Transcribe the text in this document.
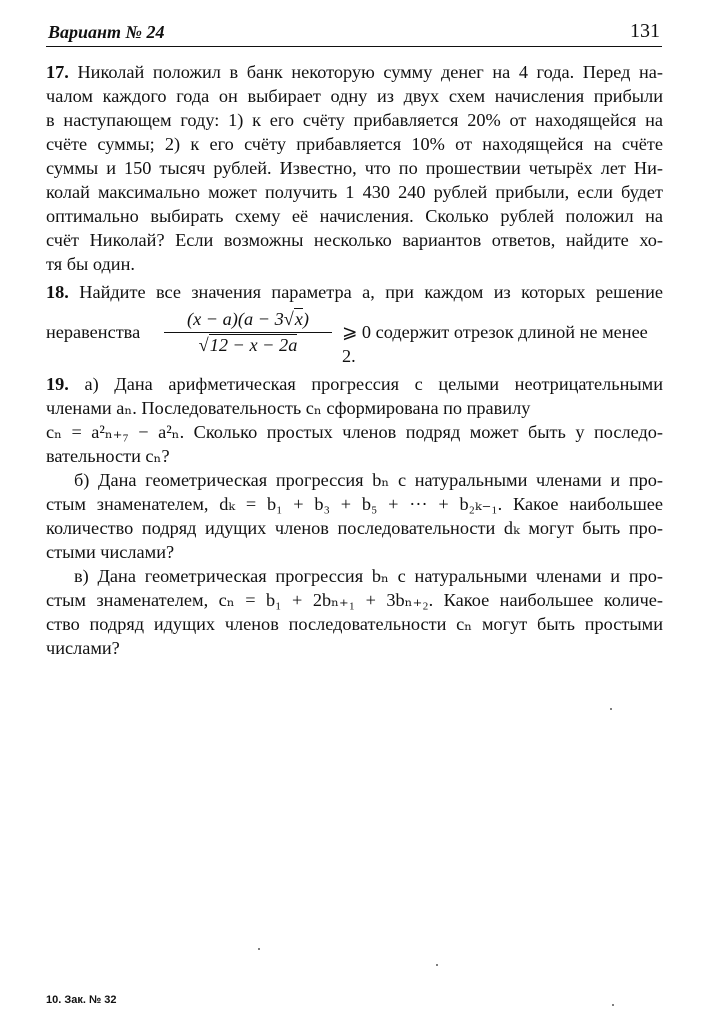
Вариант № 24	131
17. Николай положил в банк некоторую сумму денег на 4 года. Перед на-
чалом каждого года он выбирает одну из двух схем начисления прибыли
в наступающем году: 1) к его счёту прибавляется 20% от находящейся на
счёте суммы; 2) к его счёту прибавляется 10% от находящейся на счёте
суммы и 150 тысяч рублей. Известно, что по прошествии четырёх лет Ни-
колай максимально может получить 1 430 240 рублей прибыли, если будет
оптимально выбирать схему её начисления. Сколько рублей положил на
счёт Николай? Если возможны несколько вариантов ответов, найдите хо-
тя бы один.
18. Найдите все значения параметра a, при каждом из которых решение
неравенства
(x − a)(a − 3√x)
√12 − x − 2a
⩾ 0 содержит отрезок длиной не менее 2.
19. а) Дана арифметическая прогрессия с целыми неотрицательными
членами aₙ. Последовательность cₙ сформирована по правилу
cₙ = a²ₙ₊₇ − a²ₙ. Сколько простых членов подряд может быть у последо-
вательности cₙ?
б) Дана геометрическая прогрессия bₙ с натуральными членами и про-
стым знаменателем, dₖ = b₁ + b₃ + b₅ + ··· + b₂ₖ₋₁. Какое наибольшее
количество подряд идущих членов последовательности dₖ могут быть про-
стыми числами?
в) Дана геометрическая прогрессия bₙ с натуральными членами и про-
стым знаменателем, cₙ = b₁ + 2bₙ₊₁ + 3bₙ₊₂. Какое наибольшее количе-
ство подряд идущих членов последовательности cₙ могут быть простыми
числами?
10. Зак. № 32
